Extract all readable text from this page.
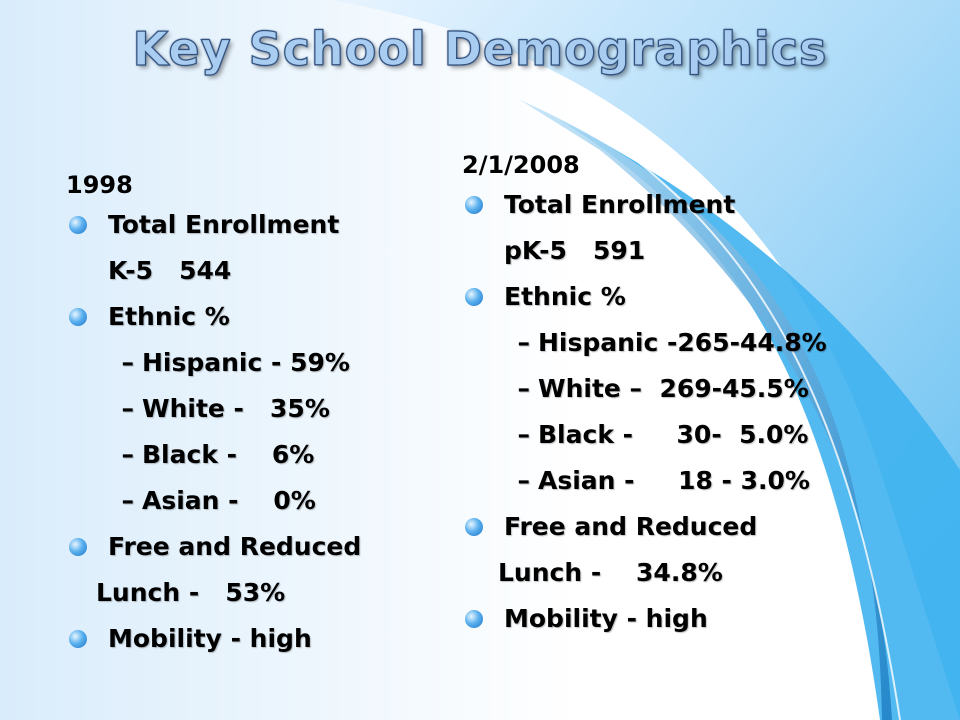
Key School Demographics
1998
Total Enrollment
K-5   544
Ethnic %
– Hispanic - 59%
– White -   35%
– Black -    6%
– Asian -    0%
Free and Reduced
Lunch -   53%
Mobility - high
2/1/2008
Total Enrollment
pK-5   591
Ethnic %
– Hispanic -265-44.8%
– White –  269-45.5%
– Black -     30-  5.0%
– Asian -     18 - 3.0%
Free and Reduced
Lunch -    34.8%
Mobility - high
